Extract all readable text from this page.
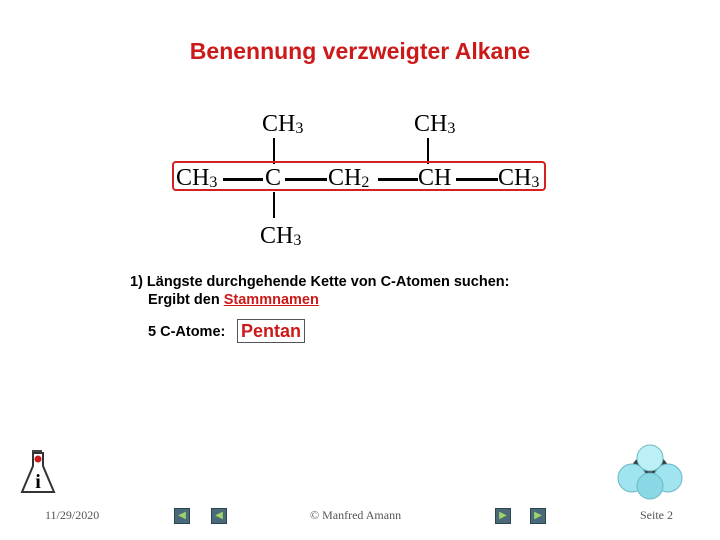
Benennung verzweigter Alkane
$CH_3$	$CH_3$
$CH_3$ C $CH_2$ CH $CH_3$
$CH_3$
1) Längste durchgehende Kette von C-Atomen suchen:
Ergibt den Stammnamen
5 C-Atome: Pentan
i
11/29/2020	◀	◀	© Manfred Amann	▶	▶	Seite 2
